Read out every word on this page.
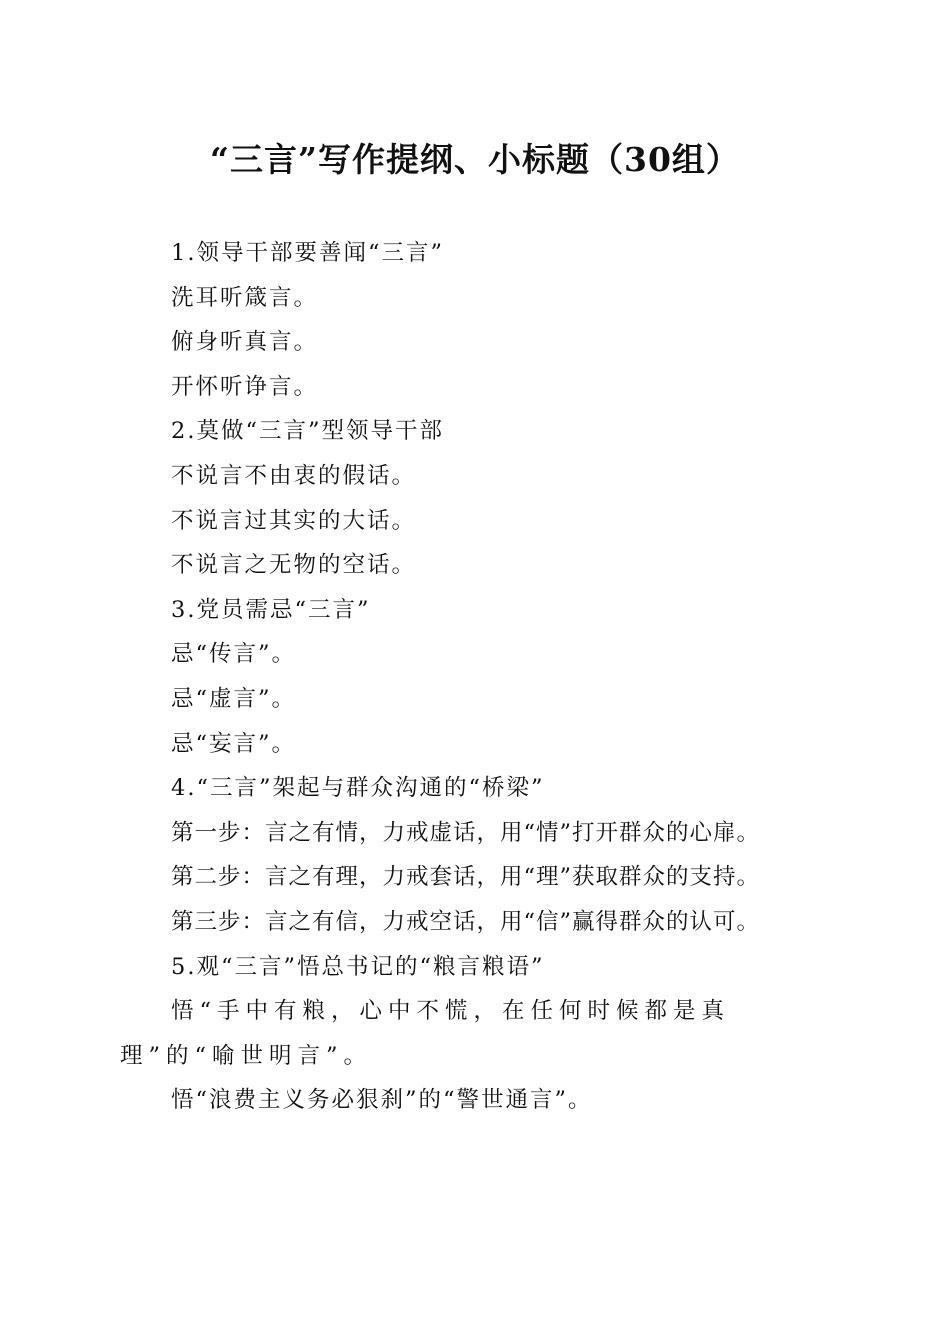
“三言”写作提纲、小标题（30组）

1.领导干部要善闻“三言”

洗耳听箴言。

俯身听真言。

开怀听诤言。

2.莫做“三言”型领导干部

不说言不由衷的假话。

不说言过其实的大话。

不说言之无物的空话。

3.党员需忌“三言”

忌“传言”。

忌“虚言”。

忌“妄言”。

4.“三言”架起与群众沟通的“桥梁”

第一步：言之有情，力戒虚话，用“情”打开群众的心扉。

第二步：言之有理，力戒套话，用“理”获取群众的支持。

第三步：言之有信，力戒空话，用“信”赢得群众的认可。

5.观“三言”悟总书记的“粮言粮语”

悟“手中有粮，心中不慌，在任何时候都是真理”的“喻世明言”。

悟“浪费主义务必狠刹”的“警世通言”。
